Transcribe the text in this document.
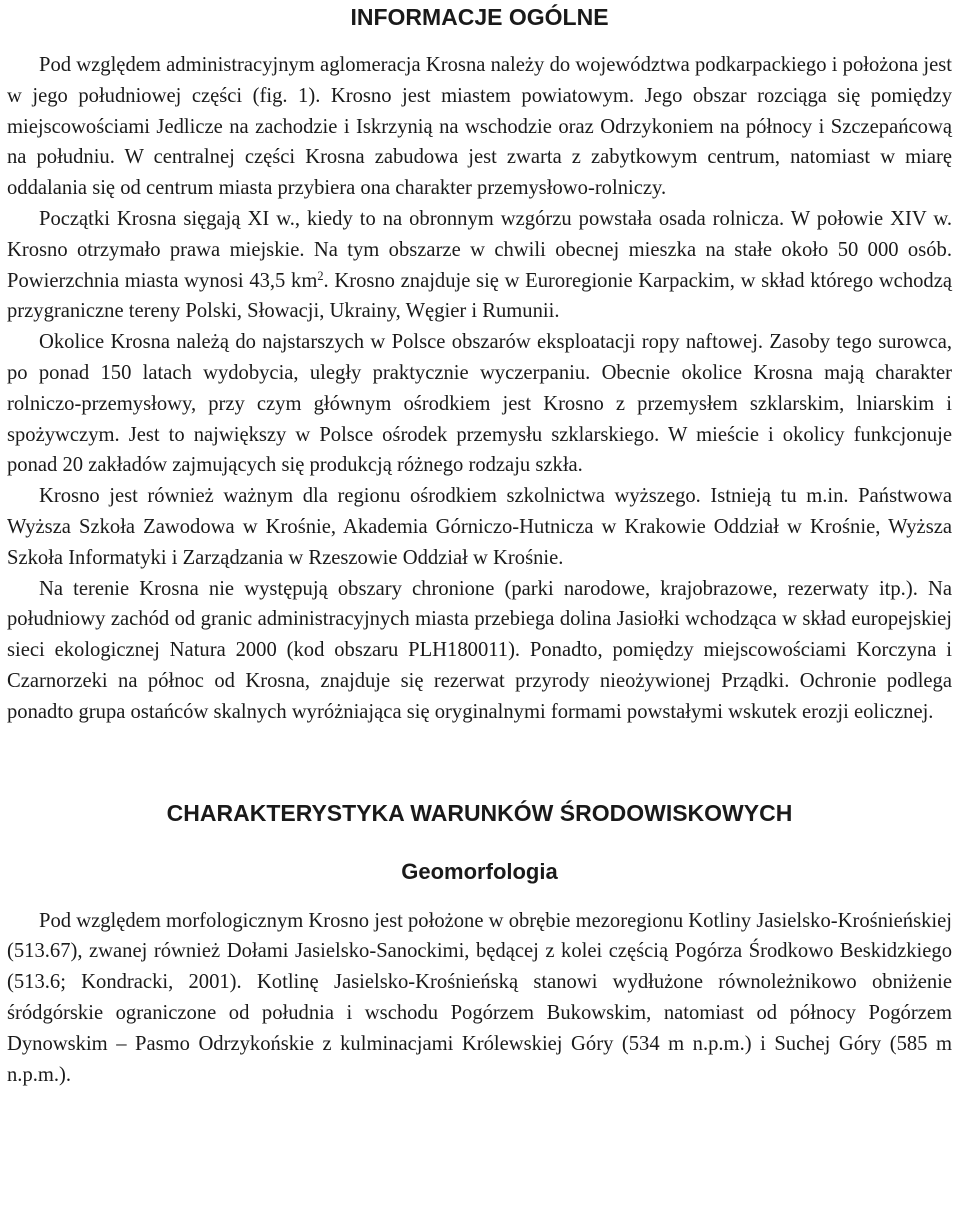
INFORMACJE OGÓLNE

Pod względem administracyjnym aglomeracja Krosna należy do województwa podkarpackiego i położona jest w jego południowej części (fig. 1). Krosno jest miastem powiatowym. Jego obszar rozciąga się pomiędzy miejscowościami Jedlicze na zachodzie i Iskrzynią na wschodzie oraz Odrzykoniem na północy i Szczepańcową na południu. W centralnej części Krosna zabudowa jest zwarta z zabytkowym centrum, natomiast w miarę oddalania się od centrum miasta przybiera ona charakter przemysłowo-rolniczy.

Początki Krosna sięgają XI w., kiedy to na obronnym wzgórzu powstała osada rolnicza. W połowie XIV w. Krosno otrzymało prawa miejskie. Na tym obszarze w chwili obecnej mieszka na stałe około 50 000 osób. Powierzchnia miasta wynosi 43,5 $km^2$. Krosno znajduje się w Euroregionie Karpackim, w skład którego wchodzą przygraniczne tereny Polski, Słowacji, Ukrainy, Węgier i Rumunii.

Okolice Krosna należą do najstarszych w Polsce obszarów eksploatacji ropy naftowej. Zasoby tego surowca, po ponad 150 latach wydobycia, uległy praktycznie wyczerpaniu. Obecnie okolice Krosna mają charakter rolniczo-przemysłowy, przy czym głównym ośrodkiem jest Krosno z przemysłem szklarskim, lniarskim i spożywczym. Jest to największy w Polsce ośrodek przemysłu szklarskiego. W mieście i okolicy funkcjonuje ponad 20 zakładów zajmujących się produkcją różnego rodzaju szkła.

Krosno jest również ważnym dla regionu ośrodkiem szkolnictwa wyższego. Istnieją tu m.in. Państwowa Wyższa Szkoła Zawodowa w Krośnie, Akademia Górniczo-Hutnicza w Krakowie Oddział w Krośnie, Wyższa Szkoła Informatyki i Zarządzania w Rzeszowie Oddział w Krośnie.

Na terenie Krosna nie występują obszary chronione (parki narodowe, krajobrazowe, rezerwaty itp.). Na południowy zachód od granic administracyjnych miasta przebiega dolina Jasiołki wchodząca w skład europejskiej sieci ekologicznej Natura 2000 (kod obszaru PLH180011). Ponadto, pomiędzy miejscowościami Korczyna i Czarnorzeki na północ od Krosna, znajduje się rezerwat przyrody nieożywionej Prządki. Ochronie podlega ponadto grupa ostańców skalnych wyróżniająca się oryginalnymi formami powstałymi wskutek erozji eolicznej.

CHARAKTERYSTYKA WARUNKÓW ŚRODOWISKOWYCH
Geomorfologia

Pod względem morfologicznym Krosno jest położone w obrębie mezoregionu Kotliny Jasielsko-Krośnieńskiej (513.67), zwanej również Dołami Jasielsko-Sanockimi, będącej z kolei częścią Pogórza Środkowo Beskidzkiego (513.6; Kondracki, 2001). Kotlinę Jasielsko-Krośnieńską stanowi wydłużone równoleżnikowo obniżenie śródgórskie ograniczone od południa i wschodu Pogórzem Bukowskim, natomiast od północy Pogórzem Dynowskim – Pasmo Odrzykońskie z kulminacjami Królewskiej Góry (534 m n.p.m.) i Suchej Góry (585 m n.p.m.).
